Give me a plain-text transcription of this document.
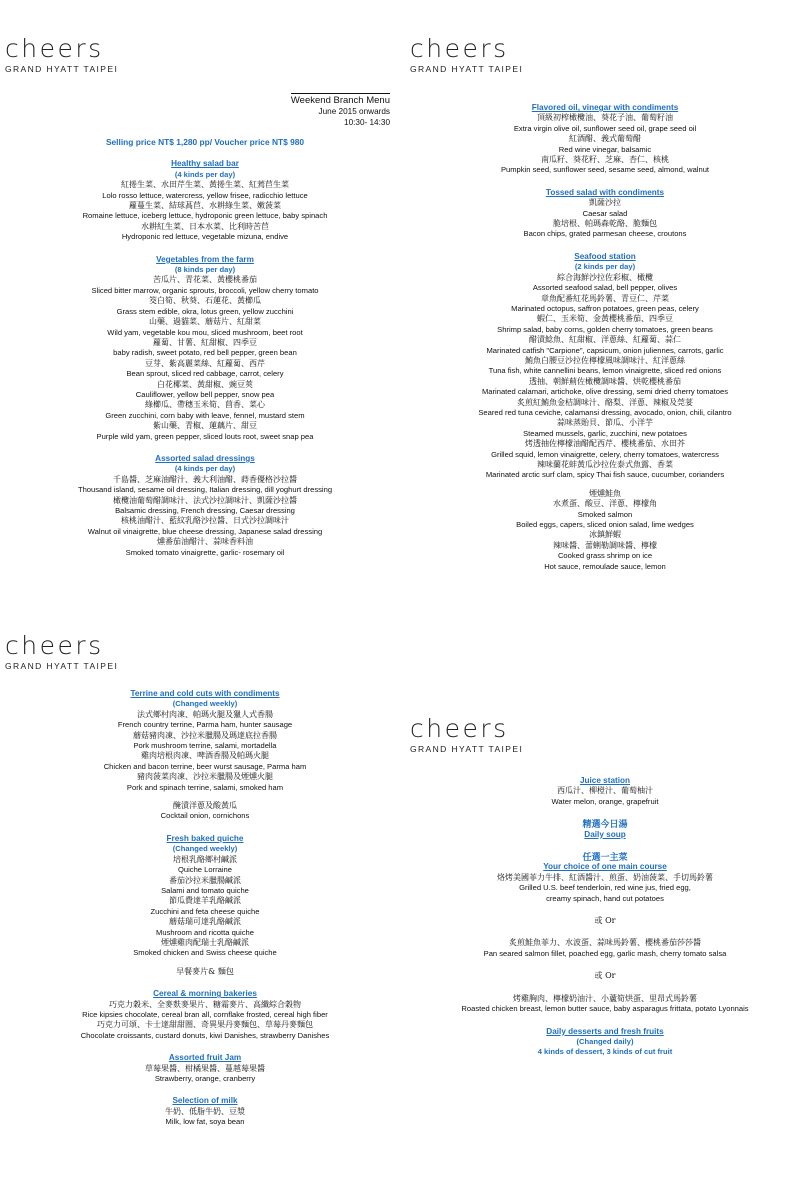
cheers
GRAND HYATT TAIPEI
cheers
GRAND HYATT TAIPEI
cheers
GRAND HYATT TAIPEI
cheers
GRAND HYATT TAIPEI
Weekend Branch Menu
June 2015 onwards
10:30- 14:30
Selling price NT$ 1,280 pp/ Voucher price NT$ 980
Healthy salad bar
(4 kinds per day)
紅捲生菜、水田芹生菜、黃捲生菜、紅蔫苣生菜
Lolo rosso lettuce, watercress, yellow frisee, radicchio lettuce
蘿蔓生菜、結球萵苣、水耕綠生菜、嫩菠菜
Romaine lettuce, iceberg lettuce, hydroponic green lettuce, baby spinach
水耕紅生菜、日本水菜、比利時苦苣
Hydroponic red lettuce, vegetable mizuna, endive
Vegetables from the farm
(8 kinds per day)
苦瓜片、青花菜、黃櫻桃番茄
Sliced bitter marrow, organic sprouts, broccoli, yellow cherry tomato
筊白筍、秋葵、石蓮花、黃櫛瓜
Grass stem edible, okra, lotus green, yellow zucchini
山藥、過貓菜、蘑菇片、紅甜菜
Wild yam, vegetable kou mou, sliced mushroom, beet root
蘿蔔、甘薯、紅甜椒、四季豆
baby radish, sweet potato, red bell pepper, green bean
豆芽、紫高麗菜絲、紅蘿蔔、西芹
Bean sprout, sliced red cabbage, carrot, celery
白花椰菜、黃甜椒、豌豆莢
Cauliflower, yellow bell pepper, snow pea
綠櫛瓜、帶穗玉米筍、茴香、菜心
Green zucchini, corn baby with leave, fennel, mustard stem
紫山藥、青椒、蓮藕片、甜豆
Purple wild yam, green pepper, sliced louts root, sweet snap pea
Assorted salad dressings
(4 kinds per day)
千島醬、芝麻油醋汁、義大利油醋、蒔香優格沙拉醬
Thousand island, sesame oil dressing, Italian dressing, dill yoghurt dressing
橄欖油葡萄醋調味汁、法式沙拉調味汁、凱薩沙拉醬
Balsamic dressing, French dressing, Caesar dressing
核桃油醋汁、藍紋乳酪沙拉醬、日式沙拉調味汁
Walnut oil vinaigrette, blue cheese dressing, Japanese salad dressing
燻番茄油醋汁、蒜味香料油
Smoked tomato vinaigrette, garlic- rosemary oil
Flavored oil, vinegar with condiments
頂級初榨橄欖油、葵花子油、葡萄籽油
Extra virgin olive oil, sunflower seed oil, grape seed oil
紅酒醋、義式葡萄醋
Red wine vinegar, balsamic
南瓜籽、葵花籽、芝麻、杏仁、核桃
Pumpkin seed, sunflower seed, sesame seed, almond, walnut
Tossed salad with condiments
凱薩沙拉
Caesar salad
脆培根、帕瑪森乾酪、脆麵包
Bacon chips, grated parmesan cheese, croutons
Seafood station
(2 kinds per day)
綜合海鮮沙拉佐彩椒、橄欖
Assorted seafood salad, bell pepper, olives
章魚配番紅花馬鈴薯、青豆仁、芹菜
Marinated octopus, saffron potatoes, green peas, celery
蝦仁、玉米筍、金黃櫻桃番茄、四季豆
Shrimp salad, baby corns, golden cherry tomatoes, green beans
醋漬鯰魚、紅甜椒、洋蔥絲、紅蘿蔔、蒜仁
Marinated catfish "Carpione", capsicum, onion juliennes, carrots, garlic
鮪魚白腰豆沙拉佐檸檬風味調味汁、紅洋蔥絲
Tuna fish, white cannellini beans, lemon vinaigrette, sliced red onions
透抽、朝鮮薊佐橄欖調味醬、烘乾櫻桃番茄
Marinated calamari, artichoke, olive dressing, semi dried cherry tomatoes
炙煎紅鮪魚金桔調味汁、酪梨、洋蔥、辣椒及莞荽
Seared red tuna ceviche, calamansi dressing, avocado, onion, chili, cilantro
蒜味蒸貽貝、節瓜、小洋芋
Steamed mussels, garlic, zucchini, new potatoes
烤透抽佐檸檬油醋配西芹、櫻桃番茄、水田芥
Grilled squid, lemon vinaigrette, celery, cherry tomatoes, watercress
辣味蘭花蚌黃瓜沙拉佐泰式魚露、香菜
Marinated arctic surf clam, spicy Thai fish sauce, cucumber, corianders
煙燻鮭魚
水煮蛋、酸豆、洋蔥、檸檬角
Smoked salmon
Boiled eggs, capers, sliced onion salad, lime wedges
冰鎮鮮蝦
辣味醬、蕾蜊勒調味醬、檸檬
Cooked grass shrimp on ice
Hot sauce, remoulade sauce, lemon
Terrine and cold cuts with condiments
(Changed weekly)
法式鄉村肉凍、帕瑪火腿及獵人式香腸
French country terrine, Parma ham, hunter sausage
蘑菇豬肉凍、沙拉米臘腸及瑪達底拉香腸
Pork mushroom terrine, salami, mortadella
雞肉培根肉凍、啤酒香腸及帕瑪火腿
Chicken and bacon terrine, beer wurst sausage, Parma ham
豬肉菠菜肉凍、沙拉米臘腸及煙燻火腿
Pork and spinach terrine, salami, smoked ham
醃漬洋蔥及酸黃瓜
Cocktail onion, cornichons
Fresh baked quiche
(Changed weekly)
培根乳酪鄉村鹹派
Quiche Lorraine
番茄沙拉米臘腸鹹派
Salami and tomato quiche
節瓜費達羊乳酪鹹派
Zucchini and feta cheese quiche
蘑菇瑞可達乳酪鹹派
Mushroom and ricotta quiche
煙燻雞肉配瑞士乳酪鹹派
Smoked chicken and Swiss cheese quiche
早餐麥片& 麵包
Cereal & morning bakeries
巧克力穀米、全麥麩麥果片、糖霜麥片、高纖綜合穀物
Rice kipsies chocolate, cereal bran all, cornflake frosted, cereal high fiber
巧克力可頌、卡士達甜甜圈、奇異果丹麥麵包、草莓丹麥麵包
Chocolate croissants, custard donuts, kiwi Danishes, strawberry Danishes
Assorted fruit Jam
草莓果醬、柑橘果醬、蔓越莓果醬
Strawberry, orange, cranberry
Selection of milk
牛奶、低脂牛奶、豆漿
Milk, low fat, soya bean
Juice station
西瓜汁、柳橙汁、葡萄柚汁
Water melon, orange, grapefruit
精選今日湯
Daily soup
任選一主菜
Your choice of one main course
烙烤美國菲力牛排、紅酒醬汁、煎蛋、奶油菠菜、手切馬鈴薯
Grilled U.S. beef tenderloin, red wine jus, fried egg,
creamy spinach, hand cut potatoes
或 Or
炙煎鮭魚菲力、水波蛋、蒜味馬鈴薯、櫻桃番茄莎莎醬
Pan seared salmon fillet, poached egg, garlic mash, cherry tomato salsa
或 Or
烤雞胸肉、檸檬奶油汁、小蘆筍烘蛋、里昂式馬鈴薯
Roasted chicken breast, lemon butter sauce, baby asparagus frittata, potato Lyonnais
Daily desserts and fresh fruits
(Changed daily)
4 kinds of dessert, 3 kinds of cut fruit
